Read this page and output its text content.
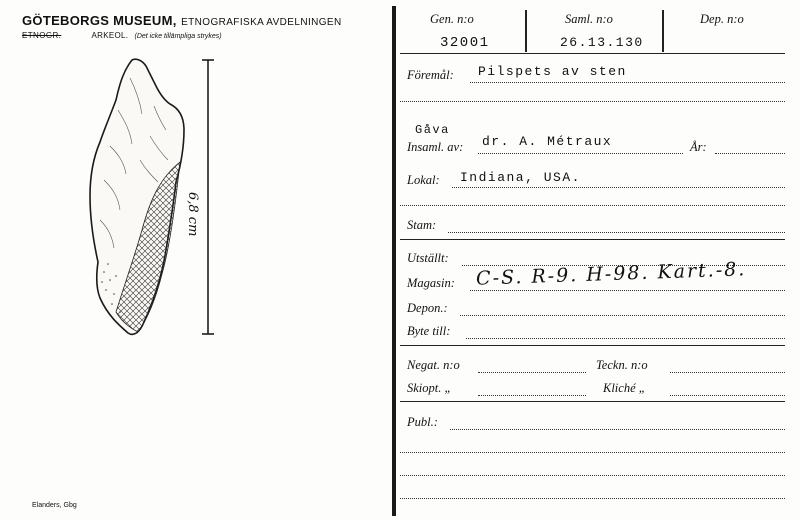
GÖTEBORGS MUSEUM, ETNOGRAFISKA AVDELNINGEN
ETNOGR.	ARKEOL. (Det icke tillämpliga strykes)
6,8 cm
Elanders, Gbg
Gen. n:o
32001
Saml. n:o
26.13.130
Dep. n:o
Föremål: Pilspets av sten
Gåva
Insaml. av: dr. A. Métraux	År:
Lokal: Indiana, USA.
Stam:
Utställt:
Magasin: C-S. R-9. H-98. Kart.-8.
Depon.:
Byte till:
Negat. n:o	Teckn. n:o
Skiopt. „	Kliché „
Publ.:
